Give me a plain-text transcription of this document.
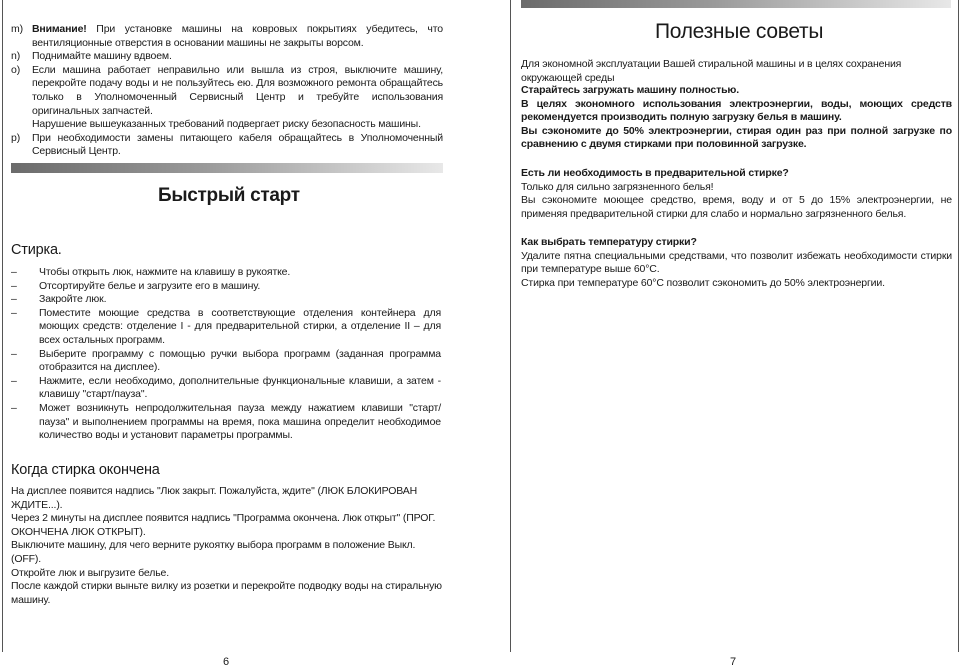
m) Внимание! При установке машины на ковровых покрытиях убедитесь, что вентиляционные отверстия в основании машины не закрыты ворсом.
n)	Поднимайте машину вдвоем.
o)	Если машина работает неправильно или вышла из строя, выключите машину, перекройте подачу воды и не пользуйтесь ею. Для возможного ремонта обращайтесь только в Уполномоченный Сервисный Центр и требуйте использования оригинальных запчастей.
Нарушение вышеуказанных требований подвергает риску безопасность машины.
p)	При необходимости замены питающего кабеля обращайтесь в Уполномоченный Сервисный Центр.
Быстрый старт
Стирка.
– Чтобы открыть люк, нажмите на клавишу в рукоятке.
– Отсортируйте белье и загрузите его в машину.
– Закройте люк.
– Поместите моющие средства в соответствующие отделения контейнера для моющих средств: отделение I - для предварительной стирки, а отделение II – для всех остальных программ.
– Выберите программу с помощью ручки выбора программ (заданная программа отобразится на дисплее).
– Нажмите, если необходимо, дополнительные функциональные клавиши, а затем - клавишу "старт/пауза".
– Может возникнуть непродолжительная пауза между нажатием клавиши "старт/пауза" и выполнением программы на время, пока машина определит необходимое количество воды и установит параметры программы.
Когда стирка окончена
На дисплее появится надпись "Люк закрыт. Пожалуйста, ждите" (ЛЮК БЛОКИРОВАН ЖДИТЕ...).
Через 2 минуты на дисплее появится надпись "Программа окончена. Люк открыт" (ПРОГ. ОКОНЧЕНА ЛЮК ОТКРЫТ).
Выключите машину, для чего верните рукоятку выбора программ в положение Выкл. (OFF).
Откройте люк и выгрузите белье.
После каждой стирки выньте вилку из розетки и перекройте подводку воды на стиральную машину.
6
Полезные советы
Для экономной эксплуатации Вашей стиральной машины и в целях сохранения окружающей среды
Старайтесь загружать машину полностью.
В целях экономного использования электроэнергии, воды, моющих средств рекомендуется производить полную загрузку белья в машину.
Вы сэкономите до 50% электроэнергии, стирая один раз при полной загрузке по сравнению с двумя стирками при половинной загрузке.
Есть ли необходимость в предварительной стирке?
Только для сильно загрязненного белья!
Вы сэкономите моющее средство, время, воду и от 5 до 15% электроэнергии, не применяя предварительной стирки для слабо и нормально загрязненного белья.
Как выбрать температуру стирки?
Удалите пятна специальными средствами, что позволит избежать необходимости стирки при температуре выше 60°C.
Стирка при температуре 60°C позволит сэкономить до 50% электроэнергии.
7
